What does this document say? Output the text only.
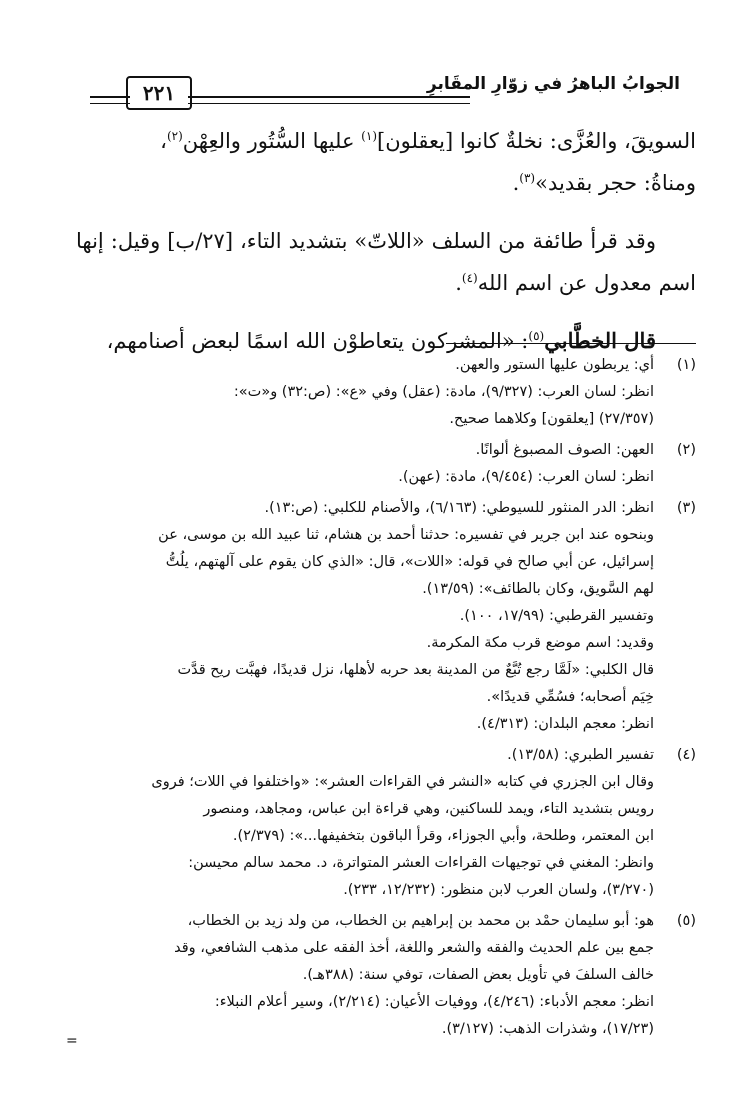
الجوابُ الباهرُ في زوّارِ المقَابرِ
٢٢١

السويقَ، والعُزَّى: نخلةٌ كانوا [يعقلون]$^{(١)}$ عليها السُّتُور والعِهْن$^{(٢)}$،
ومناةُ: حجر بقديد»$^{(٣)}$.

وقد قرأ طائفة من السلف «اللاتّ» بتشديد التاء، [٢٧/ب] وقيل: إنها اسم معدول عن اسم الله$^{(٤)}$.

قال الخطَّابي$^{(٥)}$: «المشركون يتعاطوْن الله اسمًا لبعض أصنامهم،

(١)

أي: يربطون عليها الستور والعهن.

انظر: لسان العرب: (٩/٣٢٧)، مادة: (عقل) وفي «ع»: (ص:٣٢) و«ت»:

(٢٧/٣٥٧) [يعلقون] وكلاهما صحيح.

(٢)

العهن: الصوف المصبوغ ألوانًا.

انظر: لسان العرب: (٩/٤٥٤)، مادة: (عهن).

(٣)

انظر: الدر المنثور للسيوطي: (٦/١٦٣)، والأصنام للكلبي: (ص:١٣).

وبنحوه عند ابن جرير في تفسيره: حدثنا أحمد بن هشام، ثنا عبيد الله بن موسى، عن

إسرائيل، عن أبي صالح في قوله: «اللات»، قال: «الذي كان يقوم على آلهتهم، يلُتُّ

لهم السَّويق، وكان بالطائف»: (١٣/٥٩).

وتفسير القرطبي: (١٧/٩٩، ١٠٠).

وقديد: اسم موضع قرب مكة المكرمة.

قال الكلبي: «لَمَّا رجع تُبَّعٌ من المدينة بعد حربه لأهلها، نزل قديدًا، فهبَّت ريح قدَّت

خِيَم أصحابه؛ فسُمِّي قديدًا».

انظر: معجم البلدان: (٤/٣١٣).

(٤)

تفسير الطبري: (١٣/٥٨).

وقال ابن الجزري في كتابه «النشر في القراءات العشر»: «واختلفوا في اللات؛ فروى

رويس بتشديد التاء، ويمد للساكنين، وهي قراءة ابن عباس، ومجاهد، ومنصور

ابن المعتمر، وطلحة، وأبي الجوزاء، وقرأ الباقون بتخفيفها...»: (٢/٣٧٩).

وانظر: المغني في توجيهات القراءات العشر المتواترة، د. محمد سالم محيسن:

(٣/٢٧٠)، ولسان العرب لابن منظور: (١٢/٢٣٢، ٢٣٣).

(٥)

هو: أبو سليمان حمْد بن محمد بن إبراهيم بن الخطاب، من ولد زيد بن الخطاب،

جمع بين علم الحديث والفقه والشعر واللغة، أخذ الفقه على مذهب الشافعي، وقد

خالف السلفَ في تأويل بعض الصفات، توفي سنة: (٣٨٨هـ).

انظر: معجم الأدباء: (٤/٢٤٦)، ووفيات الأعيان: (٢/٢١٤)، وسير أعلام النبلاء:

(١٧/٢٣)، وشذرات الذهب: (٣/١٢٧).

=
